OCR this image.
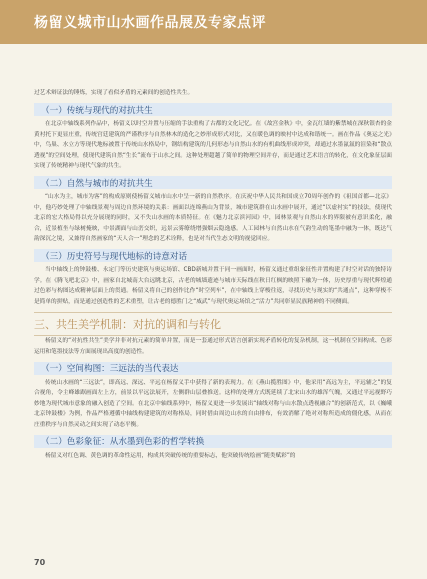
杨留义城市山水画作品展及专家点评

过艺术辩证法的锤炼，实现了看似矛盾的元素间的创造性共生。

（一）传统与现代的对抗共生

在北京中轴线系列作品中，杨留义以时空并置与压缩的手法重构了古都的文化记忆。在《故宫金秋》中，金瓦红墙的紫禁城在深秋银杏的金黄衬托下更显庄重，传统宫廷建筑的严谨秩序与自然林木的造化之妙形成形式对比，又在暖色调的映衬中达成和谐统一。画在作品《奥运之光》中，鸟巢、水立方等现代地标被置于传统山水格局中，钢结构建筑的几何形态与自然山水的有机曲线形成冲突，却通过水墨氤氲的渲染和“散点透视”的空间处理，使现代建筑自然“生长”流布于山水之间。这种处理超越了简单的物理空间并存，而是通过艺术语言的转化，在文化象征层面实现了传统精神与现代气象的共生。

（二）自然与城市的对抗共生

“山水为主，城市为客”的构成原则使杨留义城市山水中呈一新的自然秩序。在庆祝中华人民共和国成立70周年创作的《祖国首都—北京》中，他巧妙处理了中轴线景观与周边自然环境的关系：画面以连绵燕山为背景，城市建筑群在山水画中展开，通过“以虚衬实”的技法，使现代北京的宏大格局得以充分展现的同时，又不失山水画的本质特征。在《魅力北京滨河园》中，园林景观与自然山水的界限被有意识柔化，融合，近景植坐与绿树掩映，中景湖面与山峦交织，远景云雾缭绕增强烟云隐逸感。人工园林与自然山水在气韵生动的笔墨中融为一体，既达气韵深沉之境，又兼得自然画家的“天人合一”理念的艺术诠释，也是对当代生态文明的视觉回应。

（三）历史符号与现代地标的诗意对话

当中轴线上的钟鼓楼、永定门等历史建筑与奥运场馆、CBD新城并置于同一画面时，杨留义通过重组象征性并置构建了时空对话的独特诗学。在《腾飞吧北京》中，画家自北城南大台远眺北京，古老的城墙遗迹与城市天际线在秋日红枫的映照下融为一体，历史厚重与现代辉煌通过色彩与构图达成精神层面上的贯通。杨留义将自己的创作比作“时空列车”，在中轴线上穿梭往返，寻找历史与现实的“共通点”，这种穿梭不是简单的拼贴，而是通过创造性的艺术重塑，让古老的德胜门之“威武”与现代奥运场馆之“活力”共同彰显民族精神的不同侧面。

三、共生美学机制：对抗的调和与转化

杨留义的“对抗性共生”美学并非对抗元素的简单并置，而是一套通过形式语言创新实现矛盾转化的复杂机制，这一机制在空间构成、色彩运用和笔墨技法等方面展现出高度的创造性。

（一）空间构图：三远法的当代表达

传统山水画的“三远法”，即高远、深远、平远在杨留义手中获得了新的表现力。在《燕山揽胜图》中，他采用“高远为主，平远辅之”的复合视角，令主峰雄踞画面左上方，前景以平远法展开，左侧群山层叠推送。这样的处理方式既延续了北宋山水的雄浑气魄，又通过平远视野巧妙地为现代城市意象的融入创造了空间。在北京中轴线系列中，杨留义更进一步发展出“轴线对称与山水散点透视融合”的创新范式，以《巍峨北京钟鼓楼》为例，作品严格遵循中轴线构建建筑的对称格局，同时借由周边山水的自由排布，有效消解了绝对对称所造成的僵化感，从而在庄重秩序与自然灵动之间实现了动态平衡。

（二）色彩象征：从水墨到色彩的哲学转换

杨留义对红色调、黄色调的革命性运用，构成其突破传统的重要标志，他突破传统绘画“随类赋彩”的

70
